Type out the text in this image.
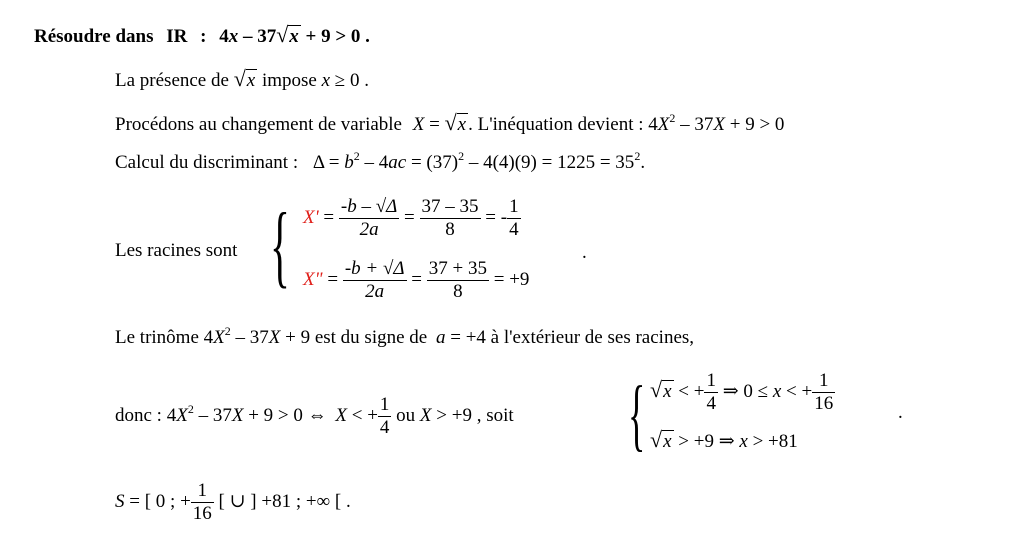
Résoudre dans IR : 4x – 37√x + 9 > 0 .
La présence de √x impose x ≥ 0 .
Procédons au changement de variable X = √x . L'inéquation devient : $4X^2 - 37X + 9 > 0$
Calcul du discriminant : $\Delta = b^2 - 4ac = (37)^2 - 4(4)(9) = 1225 = 35^2$.
Les racines sont { $X' = \frac{-b - √\Delta}{2a} = \frac{37 - 35}{8}$ = - $\frac{1}{4}$
X" = $\frac{-b + √\Delta}{2a} = \frac{37 + 35}{8} = +9$
.
Le trinôme $4X^2 - 37X + 9$ est du signe de a = +4 à l'extérieur de ses racines,
donc : $4X^2 - 37X + 9 > 0$ ⇔ X < + $\frac{1}{4}$ ou X > +9 , soit { √x < + $\frac{1}{4}$ ⇒ 0 ≤ x < + $\frac{1}{16}$
√x > +9 ⇒ x > +81
.
S = [ 0 ; + $\frac{1}{16}$ [ ∪ ] +81 ; +∞ [ .
